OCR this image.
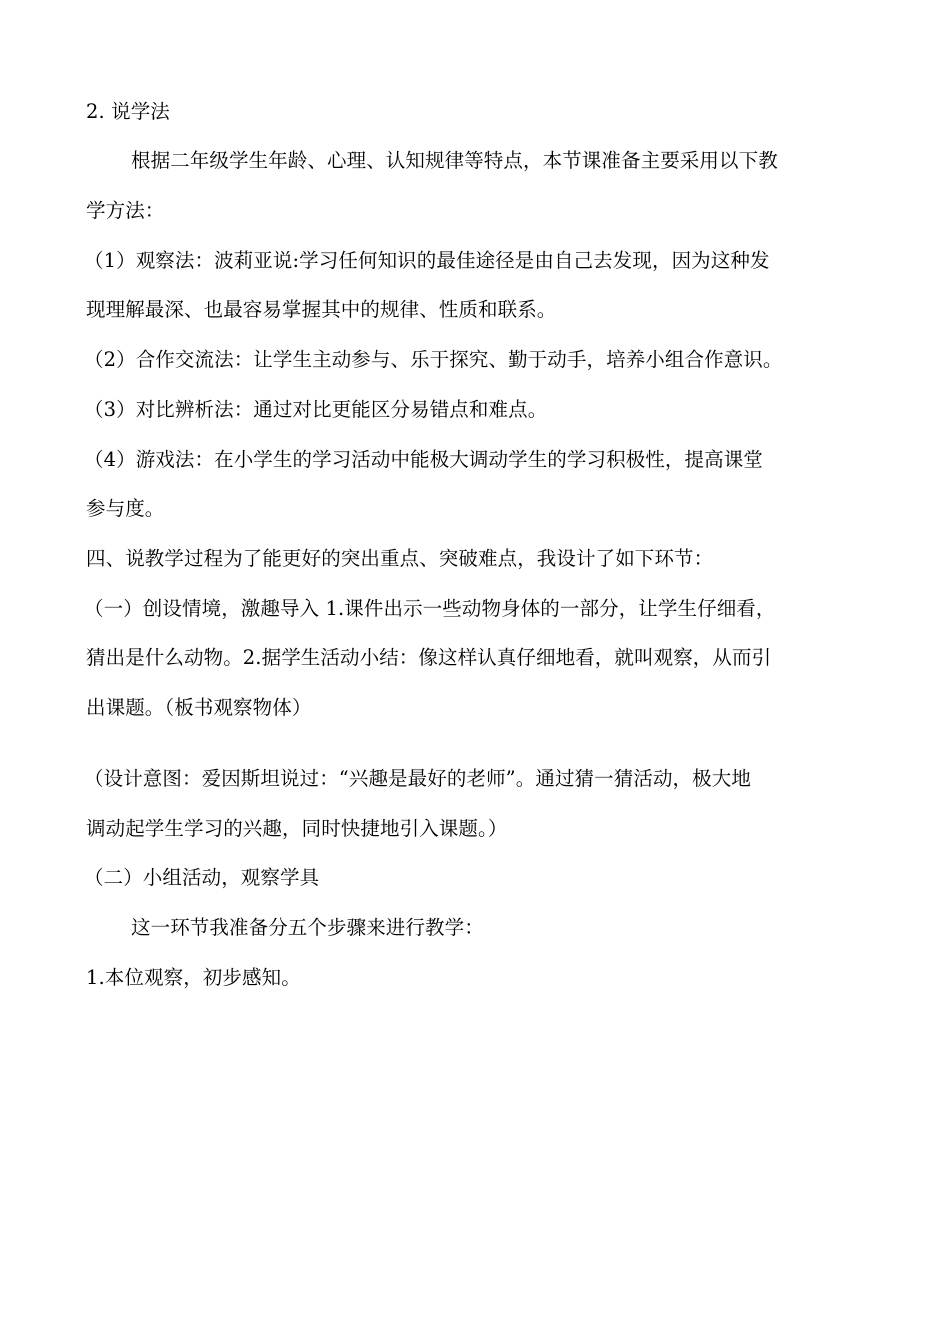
2. 说学法
根据二年级学生年龄、心理、认知规律等特点，本节课准备主要采用以下教
学方法：
（1）观察法：波莉亚说:学习任何知识的最佳途径是由自己去发现，因为这种发
现理解最深、也最容易掌握其中的规律、性质和联系。
（2）合作交流法：让学生主动参与、乐于探究、勤于动手，培养小组合作意识。
（3）对比辨析法：通过对比更能区分易错点和难点。
（4）游戏法：在小学生的学习活动中能极大调动学生的学习积极性，提高课堂
参与度。
四、说教学过程为了能更好的突出重点、突破难点，我设计了如下环节：
（一）创设情境，激趣导入 1.课件出示一些动物身体的一部分，让学生仔细看，
猜出是什么动物。2.据学生活动小结：像这样认真仔细地看，就叫观察，从而引
出课题。（板书观察物体）
（设计意图：爱因斯坦说过：“兴趣是最好的老师”。通过猜一猜活动，极大地
调动起学生学习的兴趣，同时快捷地引入课题。）
（二）小组活动，观察学具
这一环节我准备分五个步骤来进行教学：
1.本位观察，初步感知。
